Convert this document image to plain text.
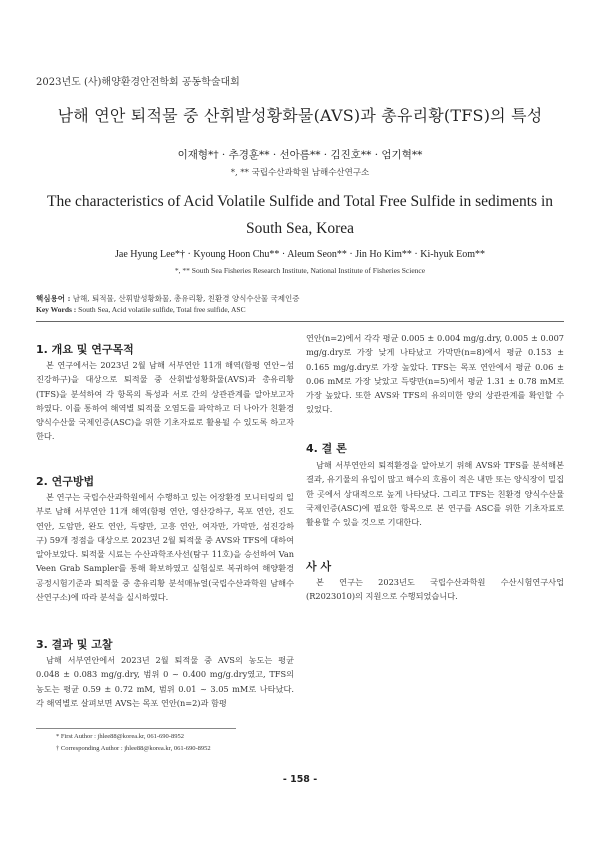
2023년도 (사)해양환경안전학회 공동학술대회
남해 연안 퇴적물 중 산휘발성황화물(AVS)과 총유리황(TFS)의 특성
이재형*† · 추경훈** · 선아름** · 김진호** · 엄기혁**
*, ** 국립수산과학원 남해수산연구소
The characteristics of Acid Volatile Sulfide and Total Free Sulfide in sediments in South Sea, Korea
Jae Hyung Lee*† · Kyoung Hoon Chu** · Aleum Seon** · Jin Ho Kim** · Ki-hyuk Eom**
*, ** South Sea Fisheries Research Institute, National Institute of Fisheries Science
핵심용어 : 남해, 퇴적물, 산휘발성황화물, 총유리황, 친환경 양식수산물 국제인증
Key Words : South Sea, Acid volatile sulfide, Total free sulfide, ASC
1. 개요 및 연구목적
본 연구에서는 2023년 2월 남해 서부연안 11개 해역(함평 연안~섬진강하구)을 대상으로 퇴적물 중 산휘발성황화물(AVS)과 총유리황(TFS)을 분석하여 각 항목의 특성과 서로 간의 상관관계를 알아보고자 하였다. 이를 통하여 해역별 퇴적물 오염도를 파악하고 더 나아가 친환경 양식수산물 국제인증(ASC)을 위한 기초자료로 활용될 수 있도록 하고자 한다.
2. 연구방법
본 연구는 국립수산과학원에서 수행하고 있는 어장환경 모니터링의 일부로 남해 서부연안 11개 해역(함평 연안, 영산강하구, 목포 연안, 진도 연안, 도암만, 완도 연안, 득량만, 고흥 연안, 여자만, 가막만, 섬진강하구) 59개 정점을 대상으로 2023년 2월 퇴적물 중 AVS와 TFS에 대하여 알아보았다. 퇴적물 시료는 수산과학조사선(탐구 11호)을 승선하여 Van Veen Grab Sampler를 통해 확보하였고 실험실로 복귀하여 해양환경공정시험기준과 퇴적물 중 총유리황 분석매뉴얼(국립수산과학원 남해수산연구소)에 따라 분석을 실시하였다.
3. 결과 및 고찰
남해 서부연안에서 2023년 2월 퇴적물 중 AVS의 농도는 평균 0.048 ± 0.083 mg/g.dry, 범위 0 ~ 0.400 mg/g.dry였고, TFS의 농도는 평균 0.59 ± 0.72 mM, 범위 0.01 ~ 3.05 mM로 나타났다. 각 해역별로 살펴보면 AVS는 목포 연안(n=2)과 함평
연안(n=2)에서 각각 평균 0.005 ± 0.004 mg/g.dry, 0.005 ± 0.007 mg/g.dry로 가장 낮게 나타났고 가막만(n=8)에서 평균 0.153 ± 0.165 mg/g.dry로 가장 높았다. TFS는 목포 연안에서 평균 0.06 ± 0.06 mM로 가장 낮았고 득량만(n=5)에서 평균 1.31 ± 0.78 mM로 가장 높았다. 또한 AVS와 TFS의 유의미한 양의 상관관계를 확인할 수 있었다.
4. 결 론
남해 서부연안의 퇴적환경을 알아보기 위해 AVS와 TFS를 분석해본 결과, 유기물의 유입이 많고 해수의 흐름이 적은 내만 또는 양식장이 밀집한 곳에서 상대적으로 높게 나타났다. 그리고 TFS는 친환경 양식수산물 국제인증(ASC)에 필요한 항목으로 본 연구를 ASC를 위한 기초자료로 활용할 수 있을 것으로 기대한다.
사 사
본 연구는 2023년도 국립수산과학원 수산시험연구사업 (R2023010)의 지원으로 수행되었습니다.
* First Author : jhlee88@korea.kr, 061-690-8952
† Corresponding Author : jhlee88@korea.kr, 061-690-8952
- 158 -
